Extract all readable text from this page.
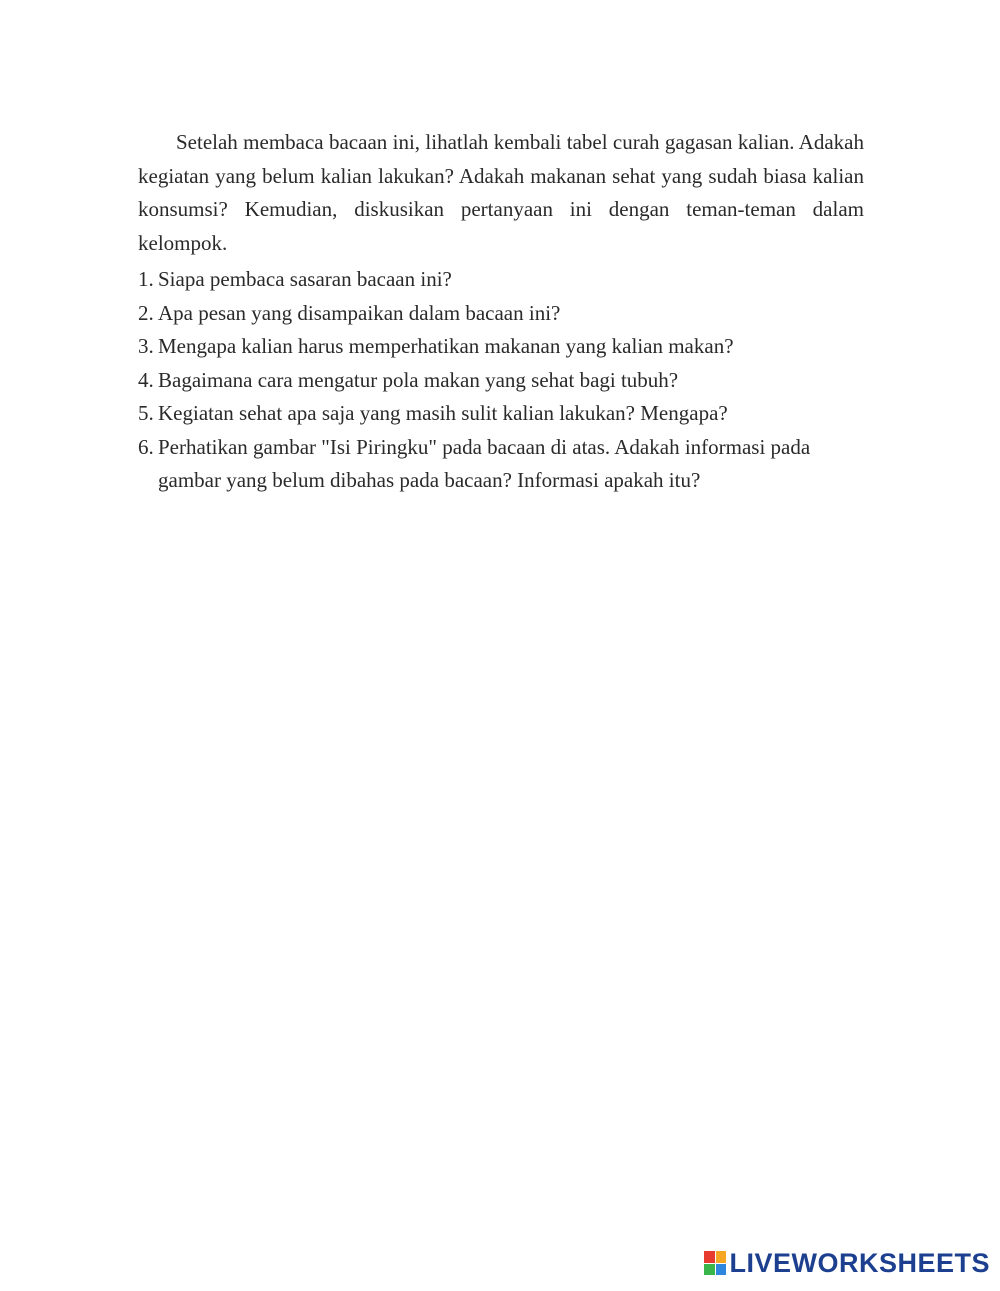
Setelah membaca bacaan ini, lihatlah kembali tabel curah gagasan kalian. Adakah kegiatan yang belum kalian lakukan? Adakah makanan sehat yang sudah biasa kalian konsumsi? Kemudian, diskusikan pertanyaan ini dengan teman-teman dalam kelompok.

1. Siapa pembaca sasaran bacaan ini?
2. Apa pesan yang disampaikan dalam bacaan ini?
3. Mengapa kalian harus memperhatikan makanan yang kalian makan?
4. Bagaimana cara mengatur pola makan yang sehat bagi tubuh?
5. Kegiatan sehat apa saja yang masih sulit kalian lakukan? Mengapa?
6. Perhatikan gambar "Isi Piringku" pada bacaan di atas. Adakah informasi pada gambar yang belum dibahas pada bacaan? Informasi apakah itu?
LIVEWORKSHEETS
